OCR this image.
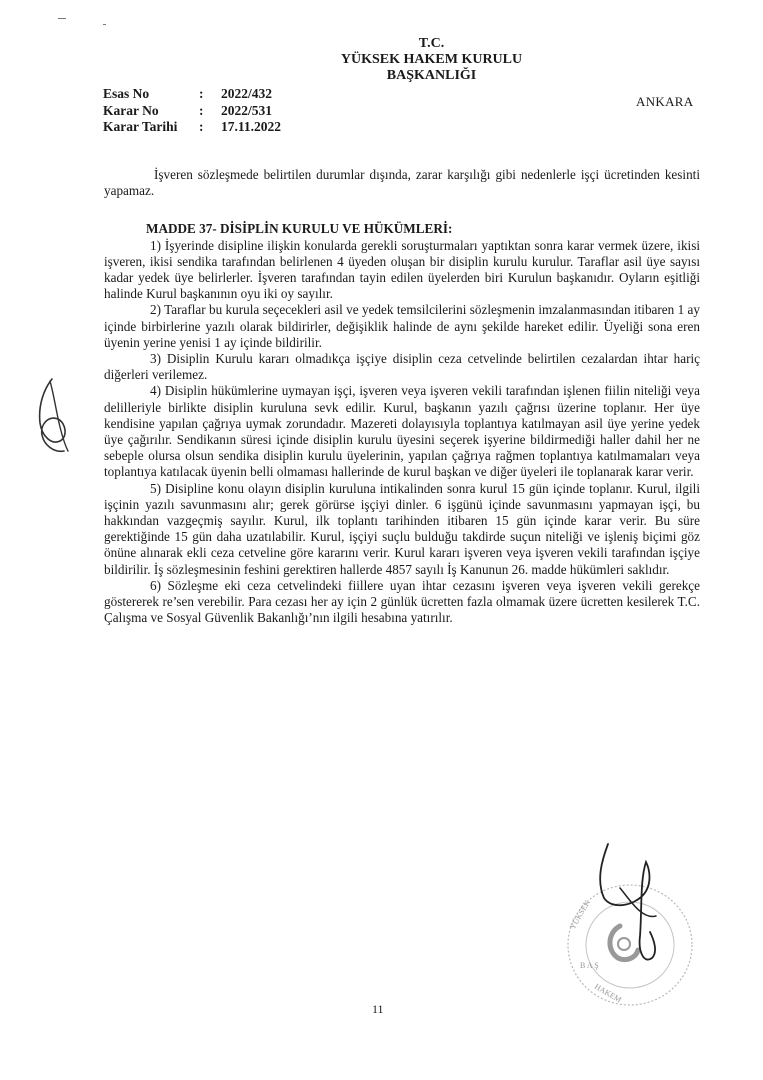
T.C.
YÜKSEK HAKEM KURULU
BAŞKANLIĞI
Esas No	:	2022/432
Karar No	:	2022/531
Karar Tarihi	:	17.11.2022
ANKARA

İşveren sözleşmede belirtilen durumlar dışında, zarar karşılığı gibi nedenlerle işçi ücretinden kesinti yapamaz.

MADDE 37- DİSİPLİN KURULU VE HÜKÜMLERİ:

1) İşyerinde disipline ilişkin konularda gerekli soruşturmaları yaptıktan sonra karar vermek üzere, ikisi işveren, ikisi sendika tarafından belirlenen 4 üyeden oluşan bir disiplin kurulu kurulur. Taraflar asil üye sayısı kadar yedek üye belirlerler. İşveren tarafından tayin edilen üyelerden biri Kurulun başkanıdır. Oyların eşitliği halinde Kurul başkanının oyu iki oy sayılır.

2) Taraflar bu kurula seçecekleri asil ve yedek temsilcilerini sözleşmenin imzalanmasından itibaren 1 ay içinde birbirlerine yazılı olarak bildirirler, değişiklik halinde de aynı şekilde hareket edilir. Üyeliği sona eren üyenin yerine yenisi 1 ay içinde bildirilir.

3) Disiplin Kurulu kararı olmadıkça işçiye disiplin ceza cetvelinde belirtilen cezalardan ihtar hariç diğerleri verilemez.

4) Disiplin hükümlerine uymayan işçi, işveren veya işveren vekili tarafından işlenen fiilin niteliği veya delilleriyle birlikte disiplin kuruluna sevk edilir. Kurul, başkanın yazılı çağrısı üzerine toplanır. Her üye kendisine yapılan çağrıya uymak zorundadır. Mazereti dolayısıyla toplantıya katılmayan asil üye yerine yedek üye çağırılır. Sendikanın süresi içinde disiplin kurulu üyesini seçerek işyerine bildirmediği haller dahil her ne sebeple olursa olsun sendika disiplin kurulu üyelerinin, yapılan çağrıya rağmen toplantıya katılmamaları veya toplantıya katılacak üyenin belli olmaması hallerinde de kurul başkan ve diğer üyeleri ile toplanarak karar verir.

5) Disipline konu olayın disiplin kuruluna intikalinden sonra kurul 15 gün içinde toplanır. Kurul, ilgili işçinin yazılı savunmasını alır; gerek görürse işçiyi dinler. 6 işgünü içinde savunmasını yapmayan işçi, bu hakkından vazgeçmiş sayılır. Kurul, ilk toplantı tarihinden itibaren 15 gün içinde karar verir. Bu süre gerektiğinde 15 gün daha uzatılabilir. Kurul, işçiyi suçlu bulduğu takdirde suçun niteliği ve işleniş biçimi göz önüne alınarak ekli ceza cetveline göre kararını verir. Kurul kararı işveren veya işveren vekili tarafından işçiye bildirilir. İş sözleşmesinin feshini gerektiren hallerde 4857 sayılı İş Kanunun 26. madde hükümleri saklıdır.

6) Sözleşme eki ceza cetvelindeki fiillere uyan ihtar cezasını işveren veya işveren vekili gerekçe göstererek re’sen verebilir. Para cezası her ay için 2 günlük ücretten fazla olmamak üzere ücretten kesilerek T.C. Çalışma ve Sosyal Güvenlik Bakanlığı’nın ilgili hesabına yatırılır.

YÜKSEK
HAKEM
B A Ş
11
